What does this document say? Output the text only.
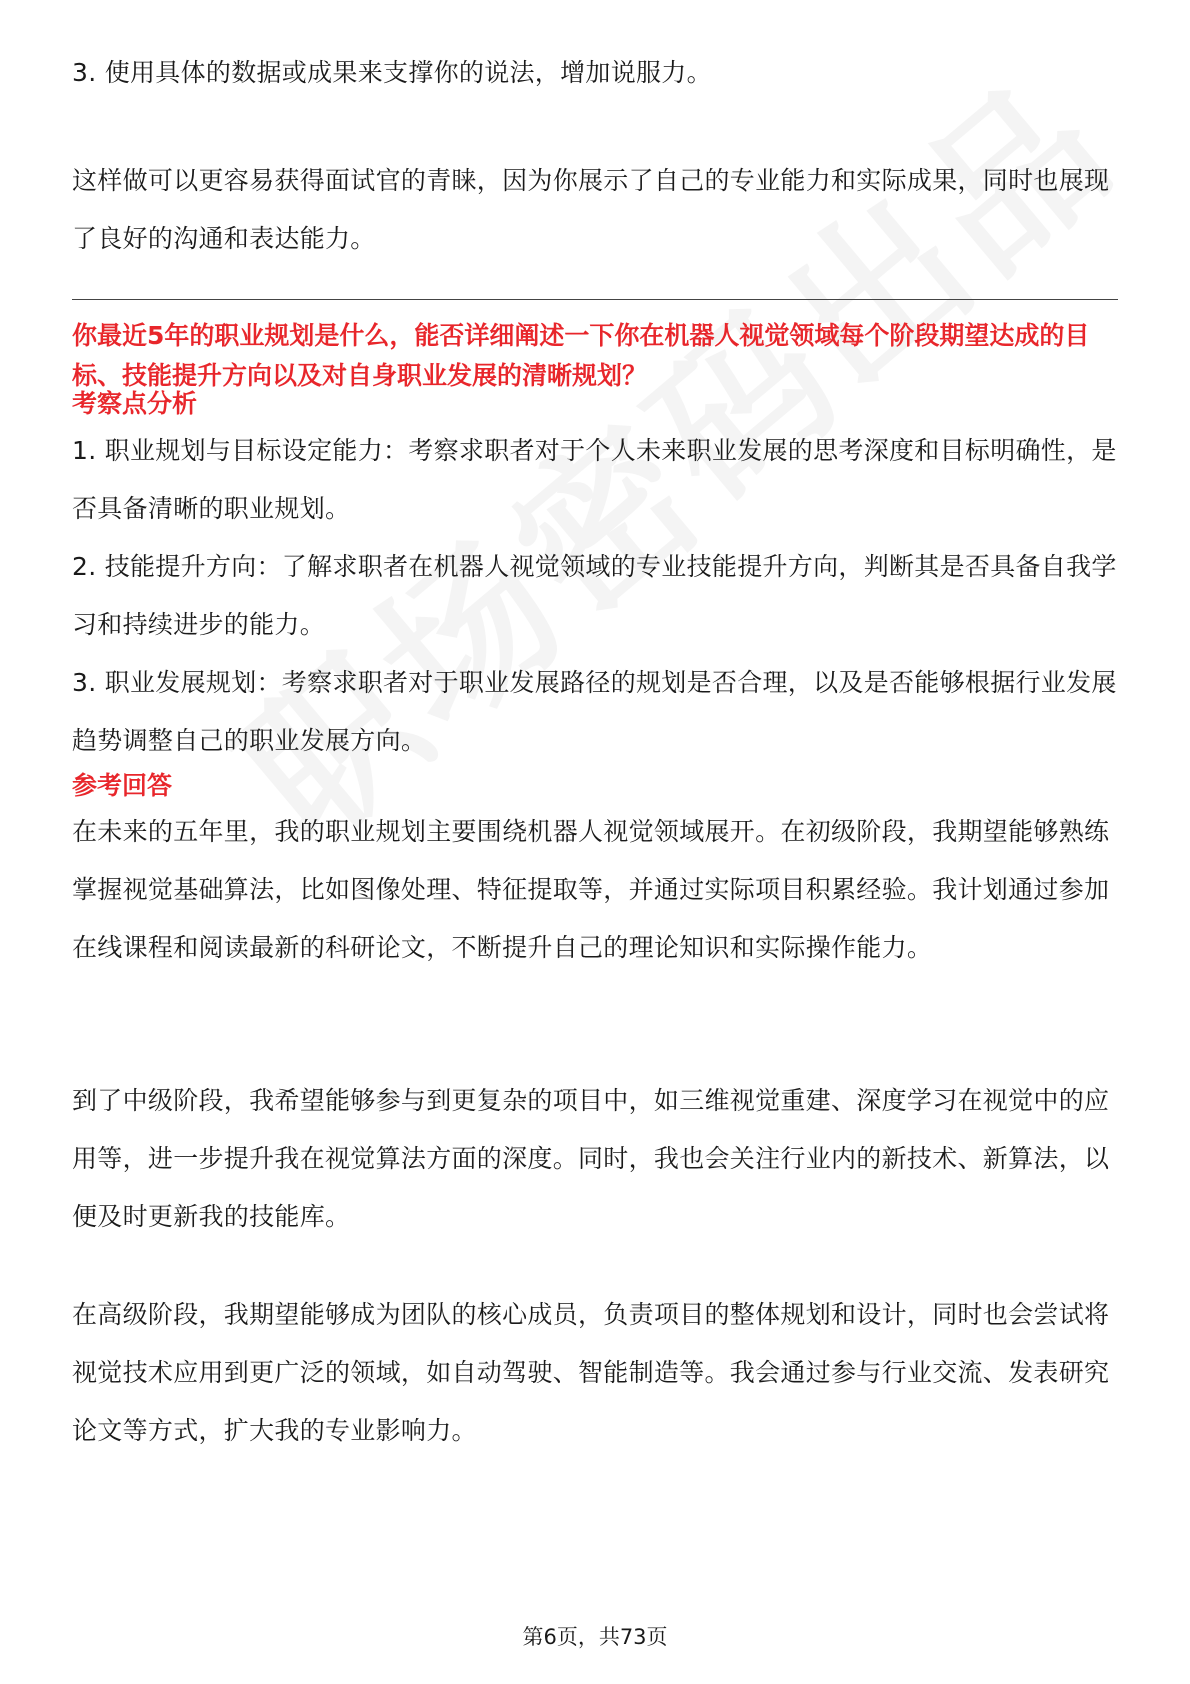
3. 使用具体的数据或成果来支撑你的说法，增加说服力。

这样做可以更容易获得面试官的青睐，因为你展示了自己的专业能力和实际成果，同时也展现了良好的沟通和表达能力。

你最近5年的职业规划是什么，能否详细阐述一下你在机器人视觉领域每个阶段期望达成的目标、技能提升方向以及对自身职业发展的清晰规划？

考察点分析

1. 职业规划与目标设定能力：考察求职者对于个人未来职业发展的思考深度和目标明确性，是否具备清晰的职业规划。

2. 技能提升方向：了解求职者在机器人视觉领域的专业技能提升方向，判断其是否具备自我学习和持续进步的能力。

3. 职业发展规划：考察求职者对于职业发展路径的规划是否合理，以及是否能够根据行业发展趋势调整自己的职业发展方向。

参考回答

在未来的五年里，我的职业规划主要围绕机器人视觉领域展开。在初级阶段，我期望能够熟练掌握视觉基础算法，比如图像处理、特征提取等，并通过实际项目积累经验。我计划通过参加在线课程和阅读最新的科研论文，不断提升自己的理论知识和实际操作能力。

到了中级阶段，我希望能够参与到更复杂的项目中，如三维视觉重建、深度学习在视觉中的应用等，进一步提升我在视觉算法方面的深度。同时，我也会关注行业内的新技术、新算法，以便及时更新我的技能库。

在高级阶段，我期望能够成为团队的核心成员，负责项目的整体规划和设计，同时也会尝试将视觉技术应用到更广泛的领域，如自动驾驶、智能制造等。我会通过参与行业交流、发表研究论文等方式，扩大我的专业影响力。

第6页，共73页
